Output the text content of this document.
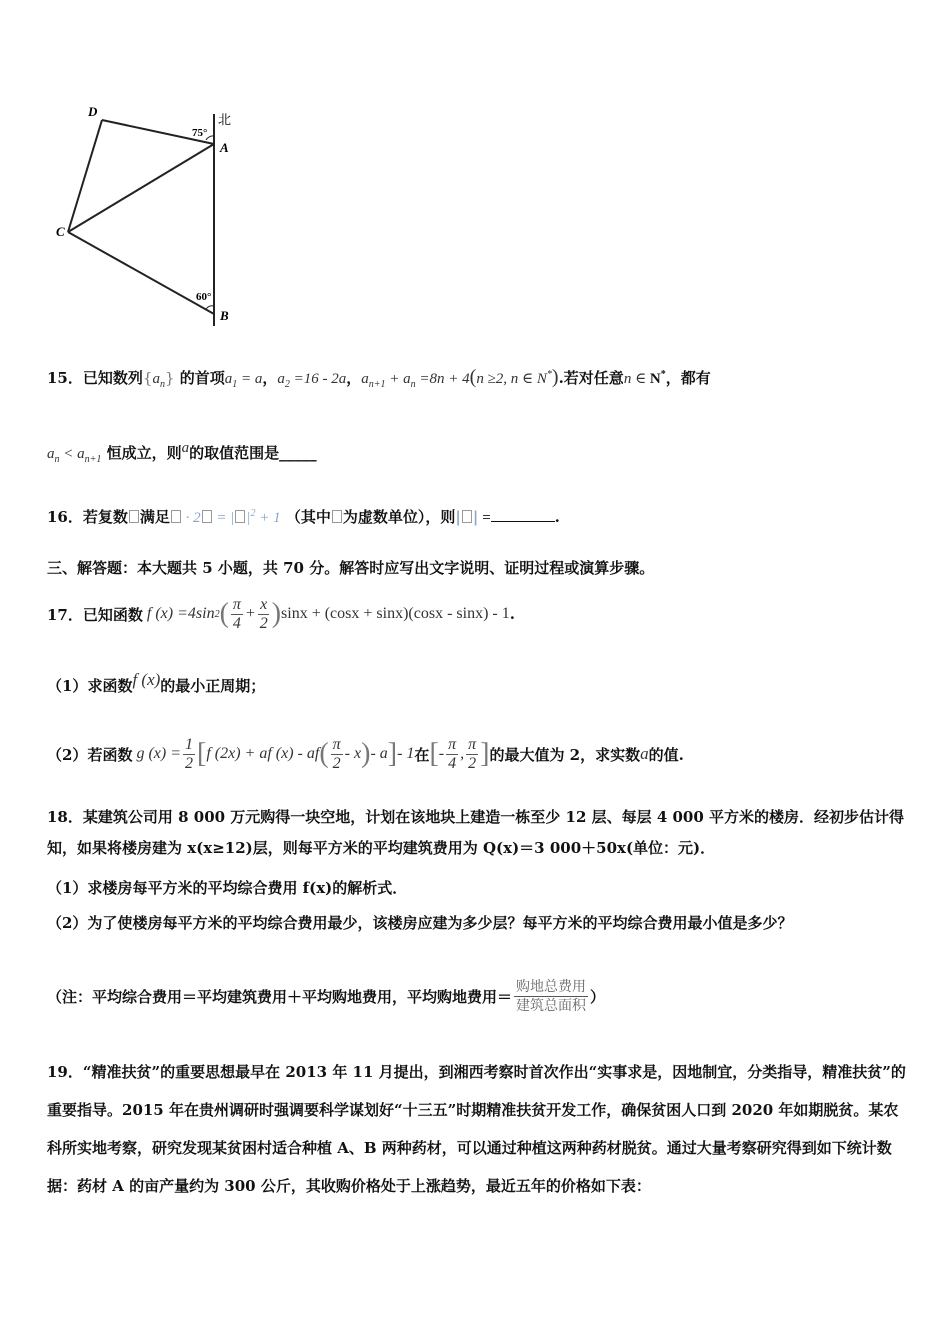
D
北
75°
A
C
60°
B
15．已知数列$\{a_n\}$ 的首项$a_1 = a$，$a_2 =16 - 2a$，$a_{n+1} + a_n =8n + 4(n \ge 2$, n ∈ N*).若对任意n ∈ N*，都有
$a_n < a_{n+1}$ 恒成立，则a的取值范围是_____
16．若复数 满足 · 2 = | $|^2 + 1$ （其中 为虚数单位），则| | =	.
三、解答题：本大题共 5 小题，共 70 分。解答时应写出文字说明、证明过程或演算步骤。
17． 已知函数 f (x) =4sin 2 ( $\frac{\pi}{4} + \frac{x}{2}$ ) sinx + (cosx + sinx)(cosx - sinx) - 1 .
（1）求函数f (x)的最小正周期；
（2） 若函数 g $(x) = \frac{1}{2}$ [ f (2x) + af (x) - af ( $\frac{\pi}{2}$ - x ) - a ] - 1 在 [ - $\frac{\pi}{4}$ , $\frac{\pi}{2}$ ] 的最大值为 2，求实数 a 的值.
18．某建筑公司用 8 000 万元购得一块空地，计划在该地块上建造一栋至少 12 层、每层 4 000 平方米的楼房．经初步估计得知，如果将楼房建为 x(x≥12)层，则每平方米的平均建筑费用为 Q(x)＝3 000＋50x(单位：元)．
（1）求楼房每平方米的平均综合费用 f(x)的解析式．
（2）为了使楼房每平方米的平均综合费用最少，该楼房应建为多少层？每平方米的平均综合费用最小值是多少？
（注：平均综合费用＝平均建筑费用＋平均购地费用，平均购地费用＝ $\frac{\text{购地总费用}}{\text{建筑总面积}}$ ）
19．“精准扶贫”的重要思想最早在 2013 年 11 月提出，到湘西考察时首次作出“实事求是，因地制宜，分类指导，精准扶贫”的重要指导。2015 年在贵州调研时强调要科学谋划好“十三五”时期精准扶贫开发工作，确保贫困人口到 2020 年如期脱贫。某农科所实地考察，研究发现某贫困村适合种植 A、B 两种药材，可以通过种植这两种药材脱贫。通过大量考察研究得到如下统计数据：药材 A 的亩产量约为 300 公斤，其收购价格处于上涨趋势，最近五年的价格如下表：
